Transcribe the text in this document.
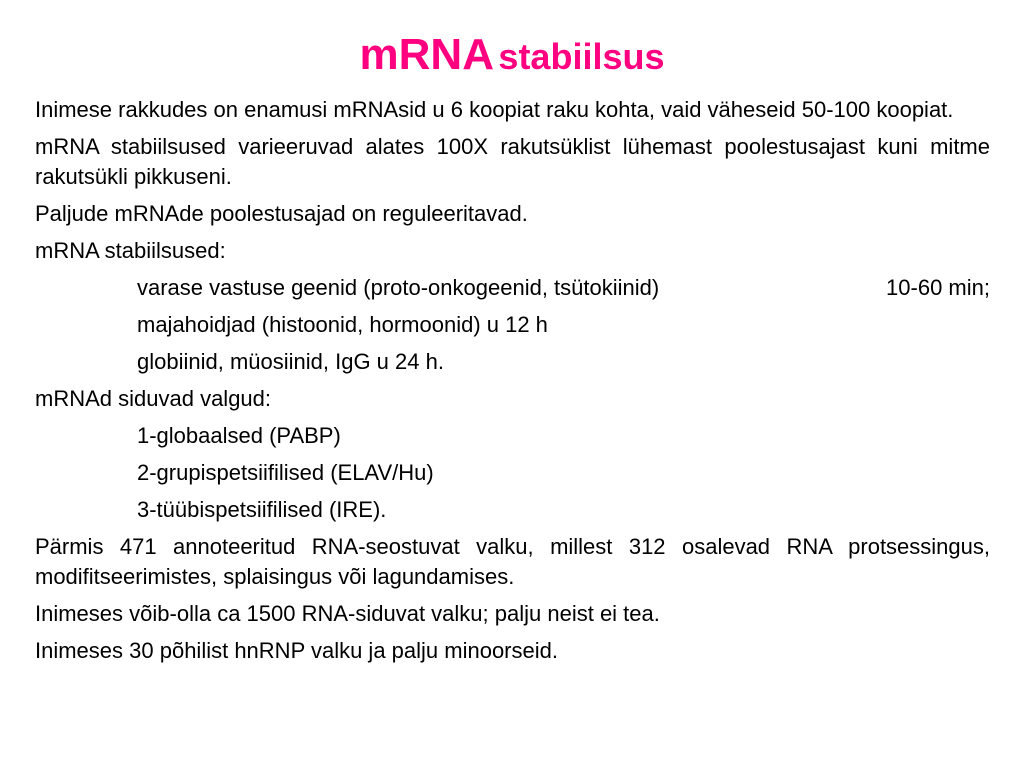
mRNA stabiilsus

Inimese rakkudes on enamusi mRNAsid u 6 koopiat raku kohta, vaid väheseid 50-100 koopiat.

mRNA stabiilsused varieeruvad alates 100X rakutsüklist lühemast poolestusajast kuni mitme rakutsükli pikkuseni.

Paljude mRNAde poolestusajad on reguleeritavad.

mRNA stabiilsused:

varase vastuse geenid (proto-onkogeenid, tsütokiinid)	10-60 min;

majahoidjad (histoonid, hormoonid) u 12 h

globiinid, müosiinid, IgG u 24 h.

mRNAd siduvad valgud:

1-globaalsed (PABP)

2-grupispetsiifilised (ELAV/Hu)

3-tüübispetsiifilised (IRE).

Pärmis 471 annoteeritud RNA-seostuvat valku, millest 312 osalevad RNA protsessingus, modifitseerimistes, splaisingus või lagundamises.

Inimeses võib-olla ca 1500 RNA-siduvat valku; palju neist ei tea.

Inimeses 30 põhilist hnRNP valku ja palju minoorseid.
